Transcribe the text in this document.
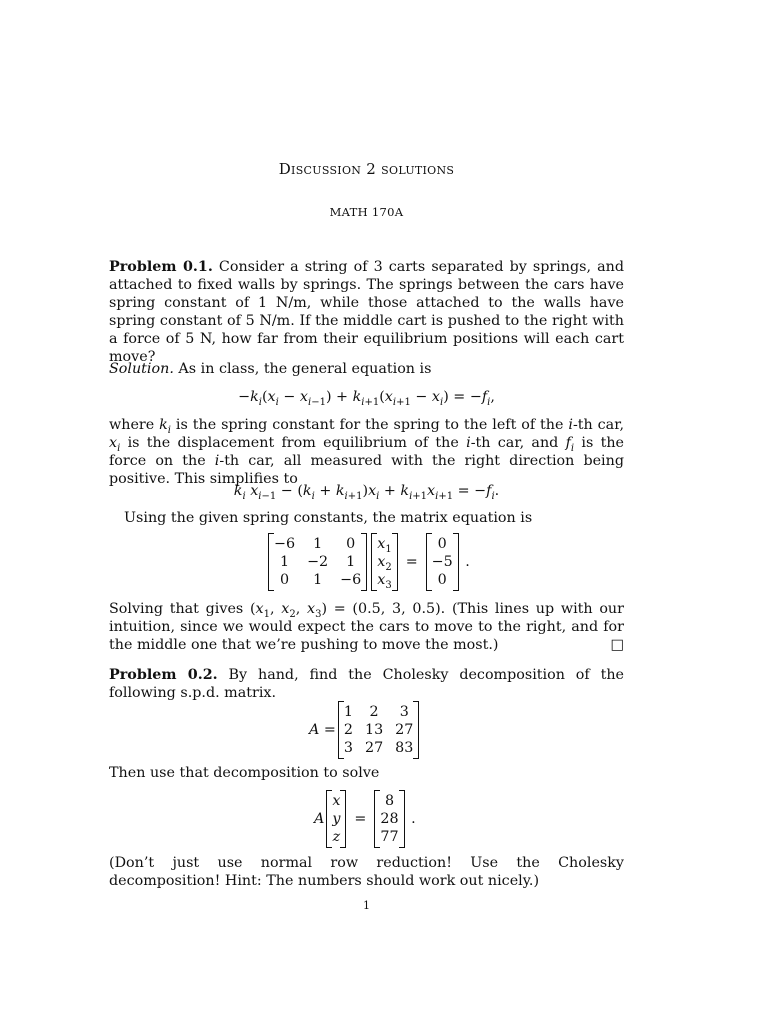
Discussion 2 solutions
MATH 170A
Problem 0.1. Consider a string of 3 carts separated by springs, and attached to fixed walls by springs. The springs between the cars have spring constant of 1 N/m, while those attached to the walls have spring constant of 5 N/m. If the middle cart is pushed to the right with a force of 5 N, how far from their equilibrium positions will each cart move?
Solution. As in class, the general equation is
$-k_i(x_i - x_{i-1}) + k_{i+1}(x_{i+1} - x_i) = -f_i$,
where $k_i$ is the spring constant for the spring to the left of the i-th car, $x_i$ is the displacement from equilibrium of the i-th car, and $f_i$ is the force on the i-th car, all measured with the right direction being positive. This simplifies to
$k_i$ $x_{i-1} - (k_i + k_{i+1})x_i + k_{i+1}x_{i+1} = -f_i$.
Using the given spring constants, the matrix equation is
−6 1 0
1 −2 1
0 1 −6
$x_1$
$x_2$
$x_3$
=
0
−5
0
.
Solving that gives ($x_1$, $x_2$, $x_3) = (0.5$, 3, 0.5). (This lines up with our intuition, since we would expect the cars to move to the right, and for the middle one that we’re pushing to move the most.)	□
Problem 0.2. By hand, find the Cholesky decomposition of the following s.p.d. matrix.
A =
1 2 3
2 13 27
3 27 83
Then use that decomposition to solve
A
x
y
z
=
8
28
77
.
(Don’t just use normal row reduction! Use the Cholesky decomposition! Hint: The numbers should work out nicely.)
1
